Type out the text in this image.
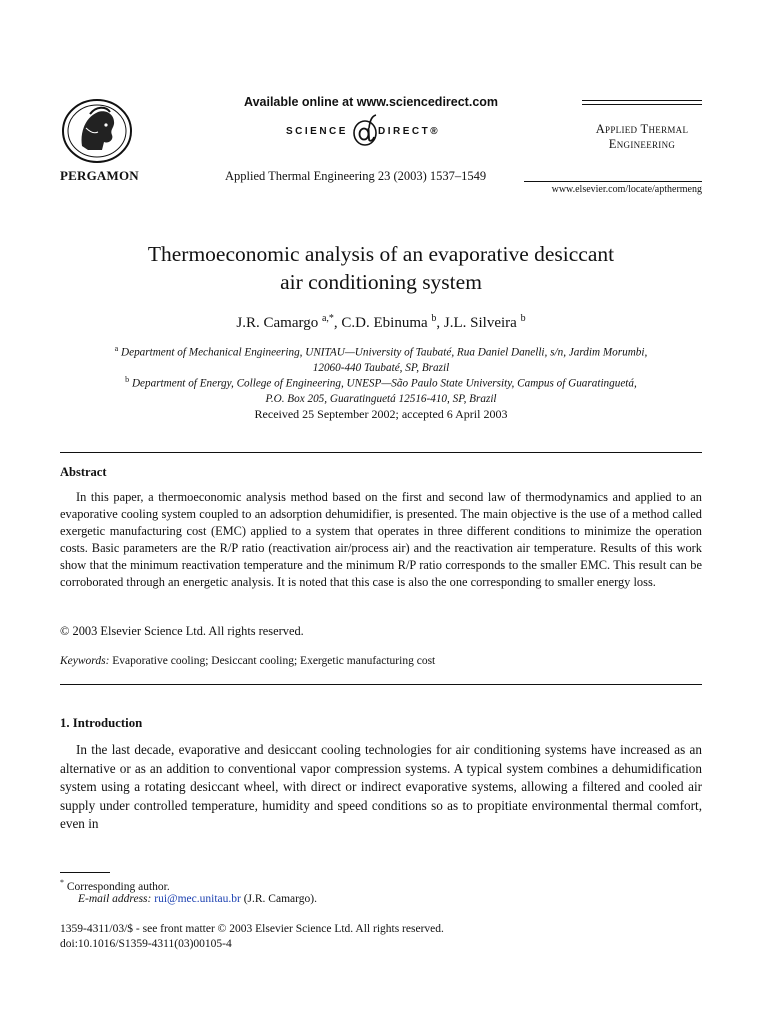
PERGAMON
Available online at www.sciencedirect.com
SCIENCE	DIRECT®
Applied Thermal Engineering 23 (2003) 1537–1549
Applied Thermal
Engineering
www.elsevier.com/locate/apthermeng
Thermoeconomic analysis of an evaporative desiccant
air conditioning system
J.R. Camargo $^{a,*}$, C.D. Ebinuma $^b$, J.L. Silveira $^b$
$^a$ Department of Mechanical Engineering, UNITAU—University of Taubaté, Rua Daniel Danelli, s/n, Jardim Morumbi,
12060-440 Taubaté, SP, Brazil
$^b$ Department of Energy, College of Engineering, UNESP—São Paulo State University, Campus of Guaratinguetá,
P.O. Box 205, Guaratinguetá 12516-410, SP, Brazil
Received 25 September 2002; accepted 6 April 2003
Abstract
In this paper, a thermoeconomic analysis method based on the first and second law of thermodynamics and applied to an evaporative cooling system coupled to an adsorption dehumidifier, is presented. The main objective is the use of a method called exergetic manufacturing cost (EMC) applied to a system that operates in three different conditions to minimize the operation costs. Basic parameters are the R/P ratio (reactivation air/process air) and the reactivation air temperature. Results of this work show that the minimum reactivation temperature and the minimum R/P ratio corresponds to the smaller EMC. This result can be corroborated through an energetic analysis. It is noted that this case is also the one corresponding to smaller energy loss.
© 2003 Elsevier Science Ltd. All rights reserved.
Keywords: Evaporative cooling; Desiccant cooling; Exergetic manufacturing cost
1. Introduction
In the last decade, evaporative and desiccant cooling technologies for air conditioning systems have increased as an alternative or as an addition to conventional vapor compression systems. A typical system combines a dehumidification system using a rotating desiccant wheel, with direct or indirect evaporative systems, allowing a filtered and cooled air supply under controlled temperature, humidity and speed conditions so as to propitiate environmental thermal comfort, even in
* Corresponding author.
E-mail address: rui@mec.unitau.br (J.R. Camargo).
1359-4311/03/$ - see front matter © 2003 Elsevier Science Ltd. All rights reserved.
doi:10.1016/S1359-4311(03)00105-4
